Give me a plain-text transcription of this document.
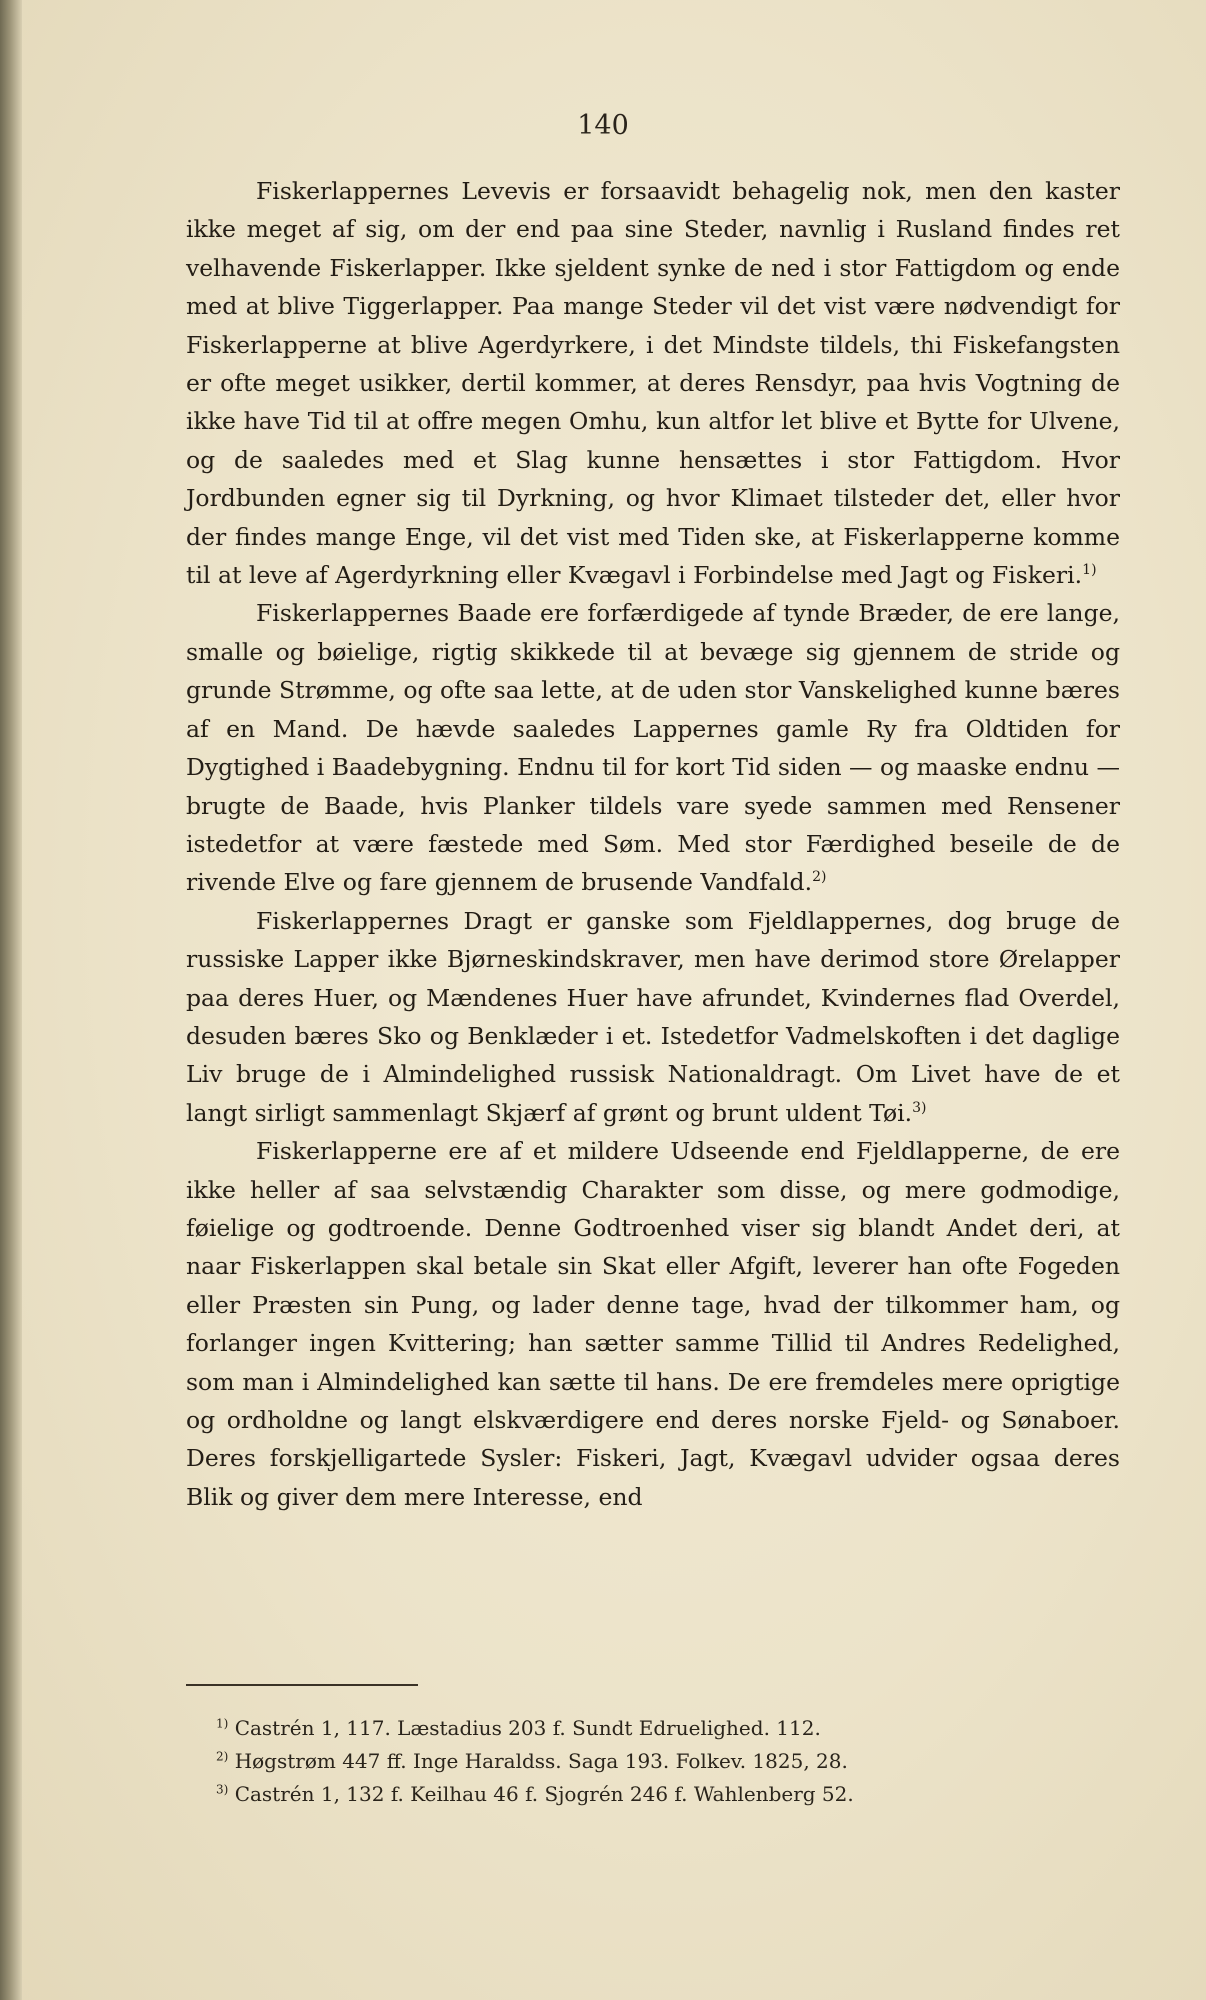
140

Fiskerlappernes Levevis er forsaavidt behagelig nok, men den kaster ikke meget af sig, om der end paa sine Steder, navnlig i Rusland findes ret velhavende Fiskerlapper. Ikke sjeldent synke de ned i stor Fattigdom og ende med at blive Tiggerlapper. Paa mange Steder vil det vist være nødvendigt for Fiskerlapperne at blive Agerdyrkere, i det Mindste tildels, thi Fiskefangsten er ofte meget usikker, dertil kommer, at deres Rensdyr, paa hvis Vogtning de ikke have Tid til at offre megen Omhu, kun altfor let blive et Bytte for Ulvene, og de saaledes med et Slag kunne hensættes i stor Fattigdom. Hvor Jordbunden egner sig til Dyrkning, og hvor Klimaet tilsteder det, eller hvor der findes mange Enge, vil det vist med Tiden ske, at Fiskerlapperne komme til at leve af Agerdyrkning eller Kvægavl i Forbindelse med Jagt og Fiskeri.$^{1)}$

Fiskerlappernes Baade ere forfærdigede af tynde Bræder, de ere lange, smalle og bøielige, rigtig skikkede til at bevæge sig gjennem de stride og grunde Strømme, og ofte saa lette, at de uden stor Vanskelighed kunne bæres af en Mand. De hævde saaledes Lappernes gamle Ry fra Oldtiden for Dygtighed i Baadebygning. Endnu til for kort Tid siden — og maaske endnu — brugte de Baade, hvis Planker tildels vare syede sammen med Rensener istedetfor at være fæstede med Søm. Med stor Færdighed beseile de de rivende Elve og fare gjennem de brusende Vandfald.$^{2)}$

Fiskerlappernes Dragt er ganske som Fjeldlappernes, dog bruge de russiske Lapper ikke Bjørneskindskraver, men have derimod store Ørelapper paa deres Huer, og Mændenes Huer have afrundet, Kvindernes flad Overdel, desuden bæres Sko og Benklæder i et. Istedetfor Vadmelskoften i det daglige Liv bruge de i Almindelighed russisk Nationaldragt. Om Livet have de et langt sirligt sammenlagt Skjærf af grønt og brunt uldent Tøi.$^{3)}$

Fiskerlapperne ere af et mildere Udseende end Fjeldlapperne, de ere ikke heller af saa selvstændig Charakter som disse, og mere godmodige, føielige og godtroende. Denne Godtroenhed viser sig blandt Andet deri, at naar Fiskerlappen skal betale sin Skat eller Afgift, leverer han ofte Fogeden eller Præsten sin Pung, og lader denne tage, hvad der tilkommer ham, og forlanger ingen Kvittering; han sætter samme Tillid til Andres Redelighed, som man i Almindelighed kan sætte til hans. De ere fremdeles mere oprigtige og ordholdne og langt elskværdigere end deres norske Fjeld- og Sønaboer. Deres forskjelligartede Sysler: Fiskeri, Jagt, Kvægavl udvider ogsaa deres Blik og giver dem mere Interesse, end

$^{1)}$ Castrén 1, 117. Læstadius 203 f. Sundt Edruelighed. 112.
$^{2)}$ Høgstrøm 447 ff. Inge Haraldss. Saga 193. Folkev. 1825, 28.
$^{3)}$ Castrén 1, 132 f. Keilhau 46 f. Sjogrén 246 f. Wahlenberg 52.
